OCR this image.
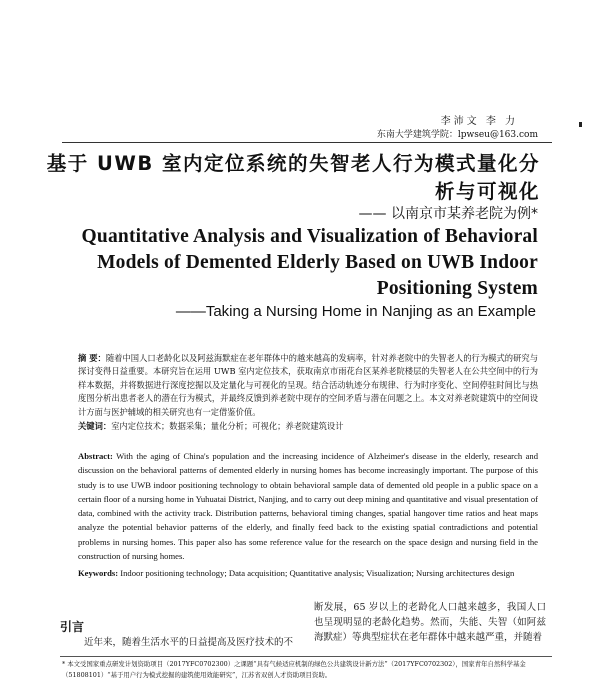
李沛文 李 力
东南大学建筑学院：lpwseu@163.com
基于 UWB 室内定位系统的失智老人行为模式量化分析与可视化
—— 以南京市某养老院为例*
Quantitative Analysis and Visualization of Behavioral Models of Demented Elderly Based on UWB Indoor Positioning System
——Taking a Nursing Home in Nanjing as an Example
摘 要：随着中国人口老龄化以及阿兹海默症在老年群体中的越来越高的发病率，针对养老院中的失智老人的行为模式的研究与探讨变得日益重要。本研究旨在运用 UWB 室内定位技术，获取南京市雨花台区某养老院楼层的失智老人在公共空间中的行为样本数据，并将数据进行深度挖掘以及定量化与可视化的呈现。结合活动轨迹分布规律、行为时序变化、空间停驻时间比与热度图分析出患者老人的潜在行为模式，并最终反馈到养老院中现存的空间矛盾与潜在问题之上。本文对养老院建筑中的空间设计方面与医护辅域的相关研究也有一定借鉴价值。
关键词：室内定位技术；数据采集；量化分析；可视化；养老院建筑设计
Abstract: With the aging of China's population and the increasing incidence of Alzheimer's disease in the elderly, research and discussion on the behavioral patterns of demented elderly in nursing homes has become increasingly important. The purpose of this study is to use UWB indoor positioning technology to obtain behavioral sample data of demented old people in a public space on a certain floor of a nursing home in Yuhuatai District, Nanjing, and to carry out deep mining and quantitative and visual presentation of data, combined with the activity track. Distribution patterns, behavioral timing changes, spatial hangover time ratios and heat maps analyze the potential behavior patterns of the elderly, and finally feed back to the existing spatial contradictions and potential problems in nursing homes. This paper also has some reference value for the research on the space design and nursing field in the construction of nursing homes.
Keywords: Indoor positioning technology; Data acquisition; Quantitative analysis; Visualization; Nursing architectures design
引言
近年来，随着生活水平的日益提高及医疗技术的不
断发展，65 岁以上的老龄化人口越来越多，我国人口也呈现明显的老龄化趋势。然而，失能、失智（如阿兹海默症）等典型症状在老年群体中越来越严重，并随着
* 本文受国家重点研发计划资助项目（2017YFC0702300）之课题“具有气候适应机制的绿色公共建筑设计新方法”（2017YFC0702302），国家青年自然科学基金（51808101）“基于用户行为模式挖掘的建筑使用效能研究”，江苏省双创人才资助项目资助。
